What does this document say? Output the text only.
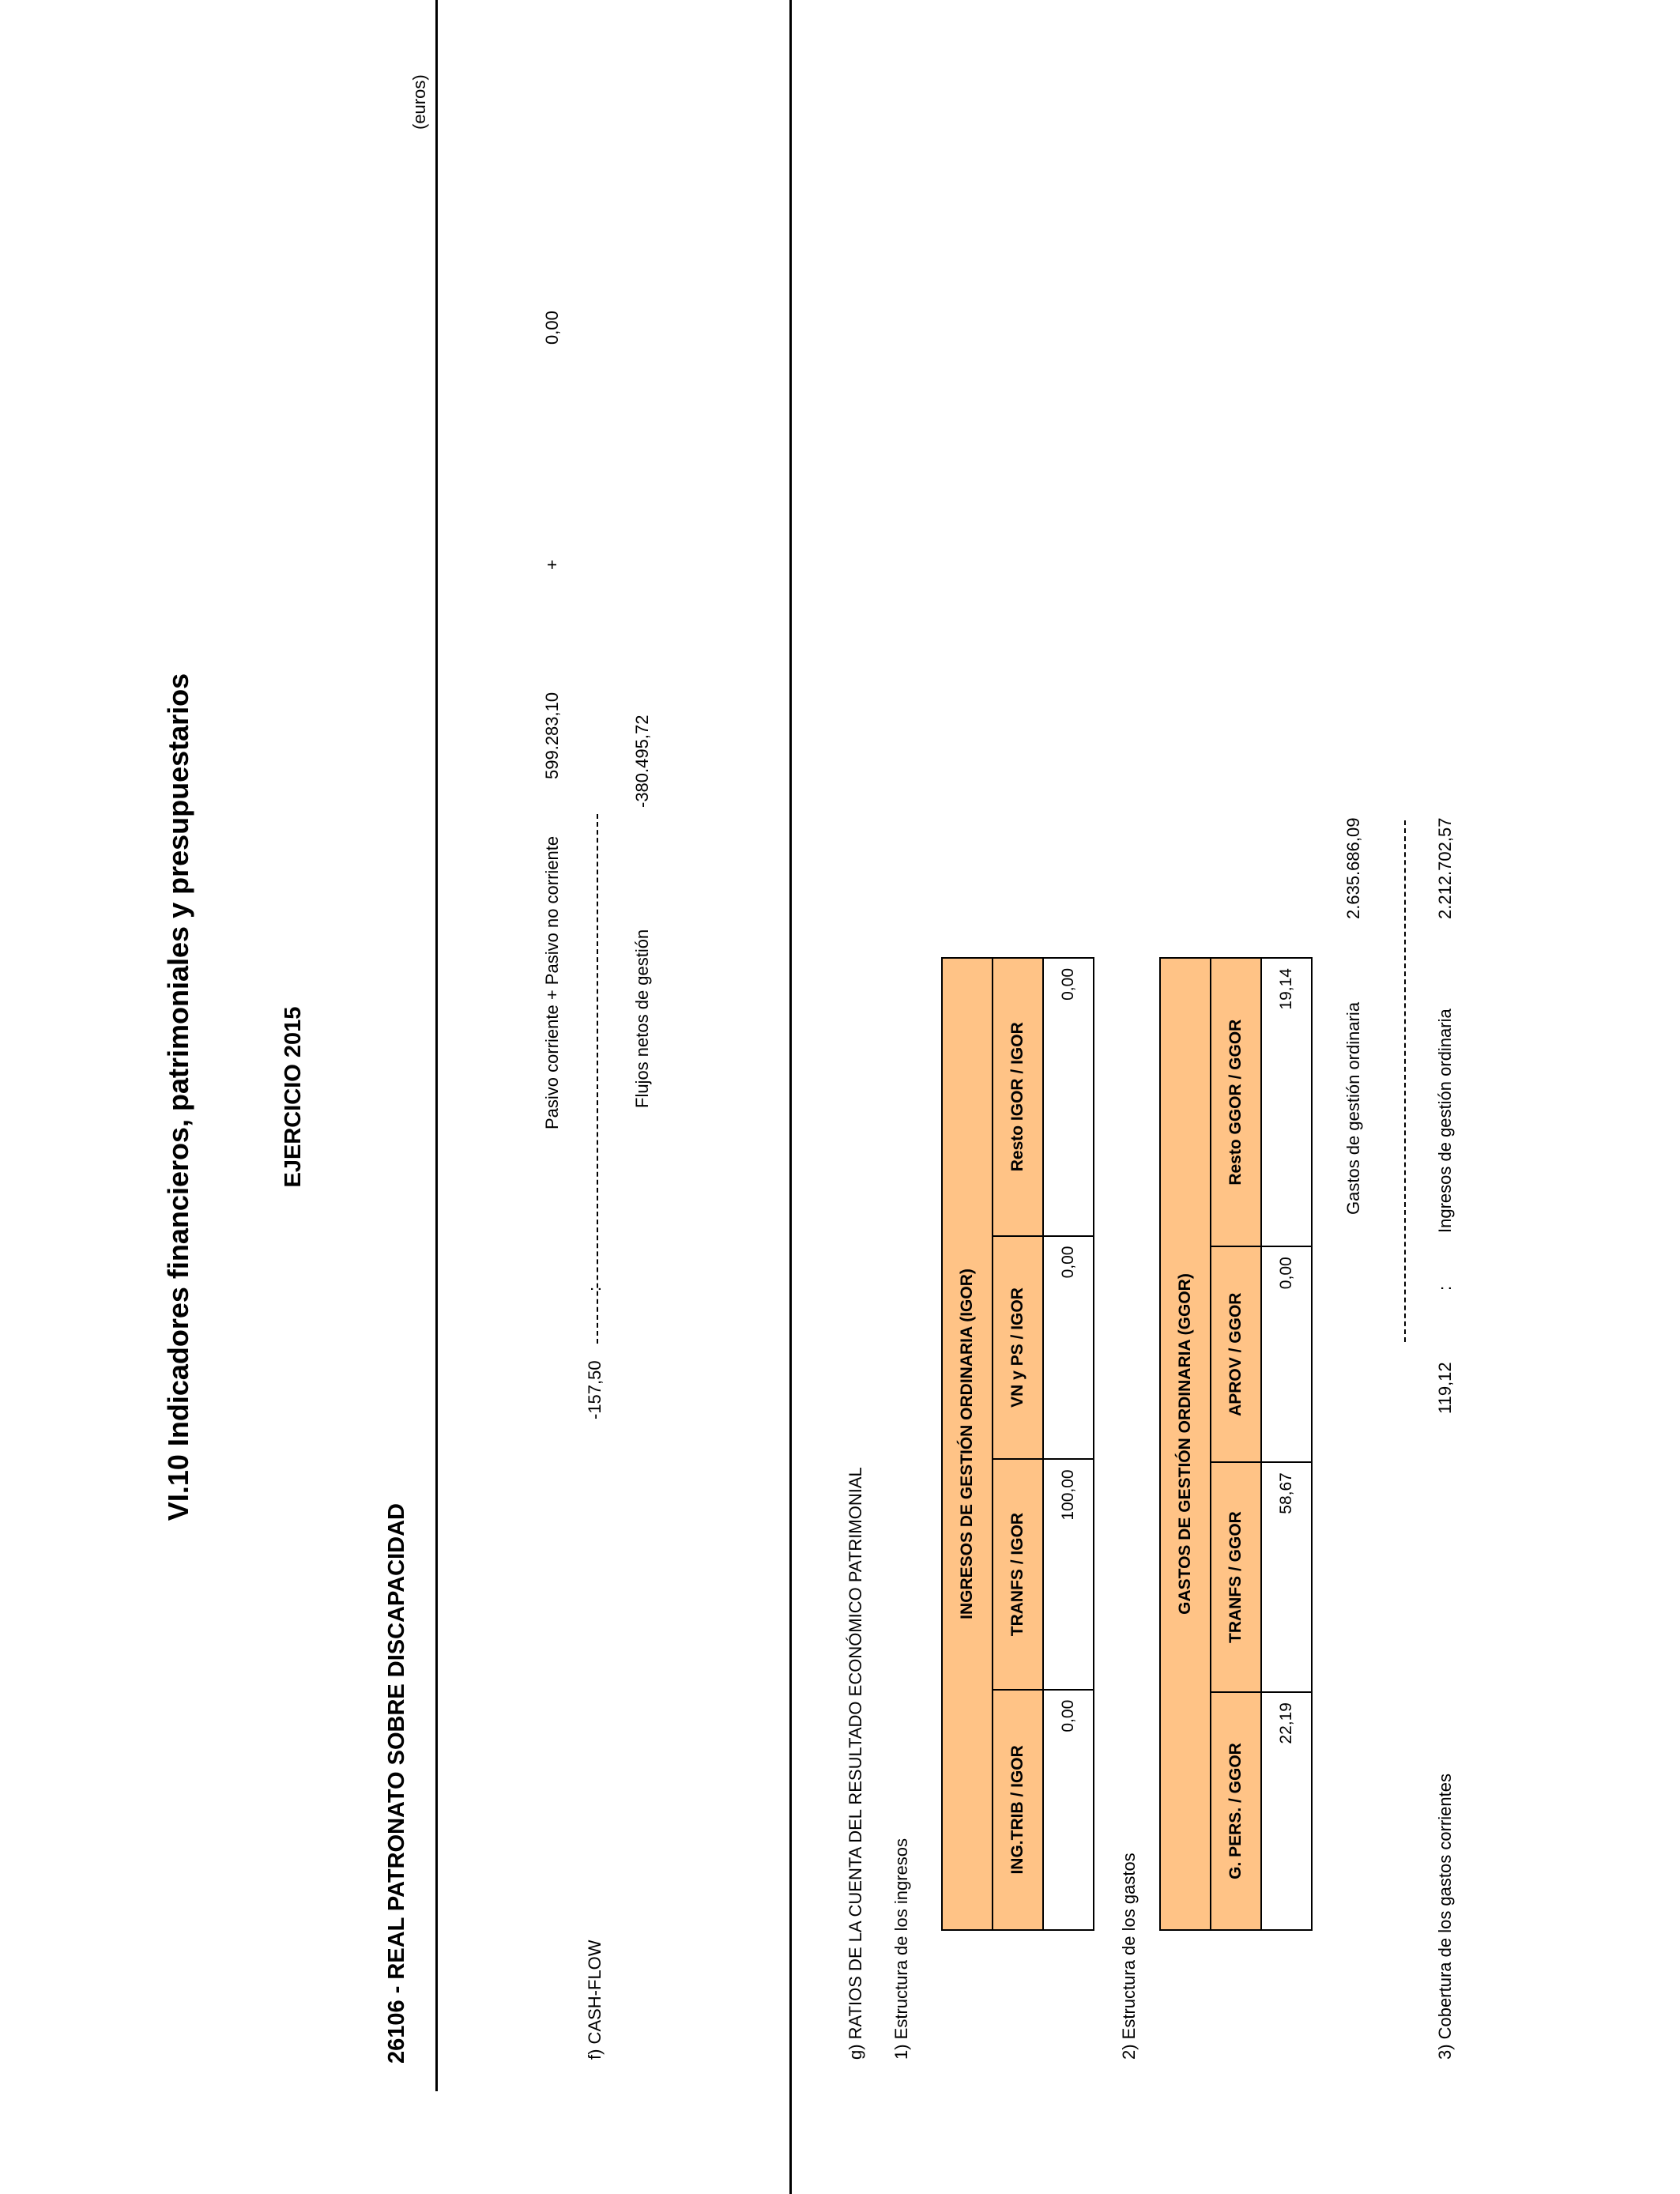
VI.10 Indicadores financieros, patrimoniales y presupuestarios	EJERCICIO 2015
26106 - REAL PATRONATO SOBRE DISCAPACIDAD
(euros)
f) CASH-FLOW
-157,50
:
Pasivo corriente + Pasivo no corriente
599.283,10
+
0,00
Flujos netos de gestión
-380.495,72
g) RATIOS DE LA CUENTA DEL RESULTADO ECONÓMICO PATRIMONIAL 1) Estructura de los ingresos
INGRESOS DE GESTIÓN ORDINARIA (IGOR)			
ING.TRIB / IGOR	TRANFS / IGOR	VN y PS / IGOR	Resto IGOR / IGOR
0,00	100,00	0,00	0,00
2) Estructura de los gastos
GASTOS DE GESTIÓN ORDINARIA (GGOR)			
G. PERS. / GGOR	TRANFS / GGOR	APROV / GGOR	Resto GGOR / GGOR
22,19	58,67	0,00	19,14
Gastos de gestión ordinaria
2.635.686,09
3) Cobertura de los gastos corrientes
119,12
:
Ingresos de gestión ordinaria
2.212.702,57
